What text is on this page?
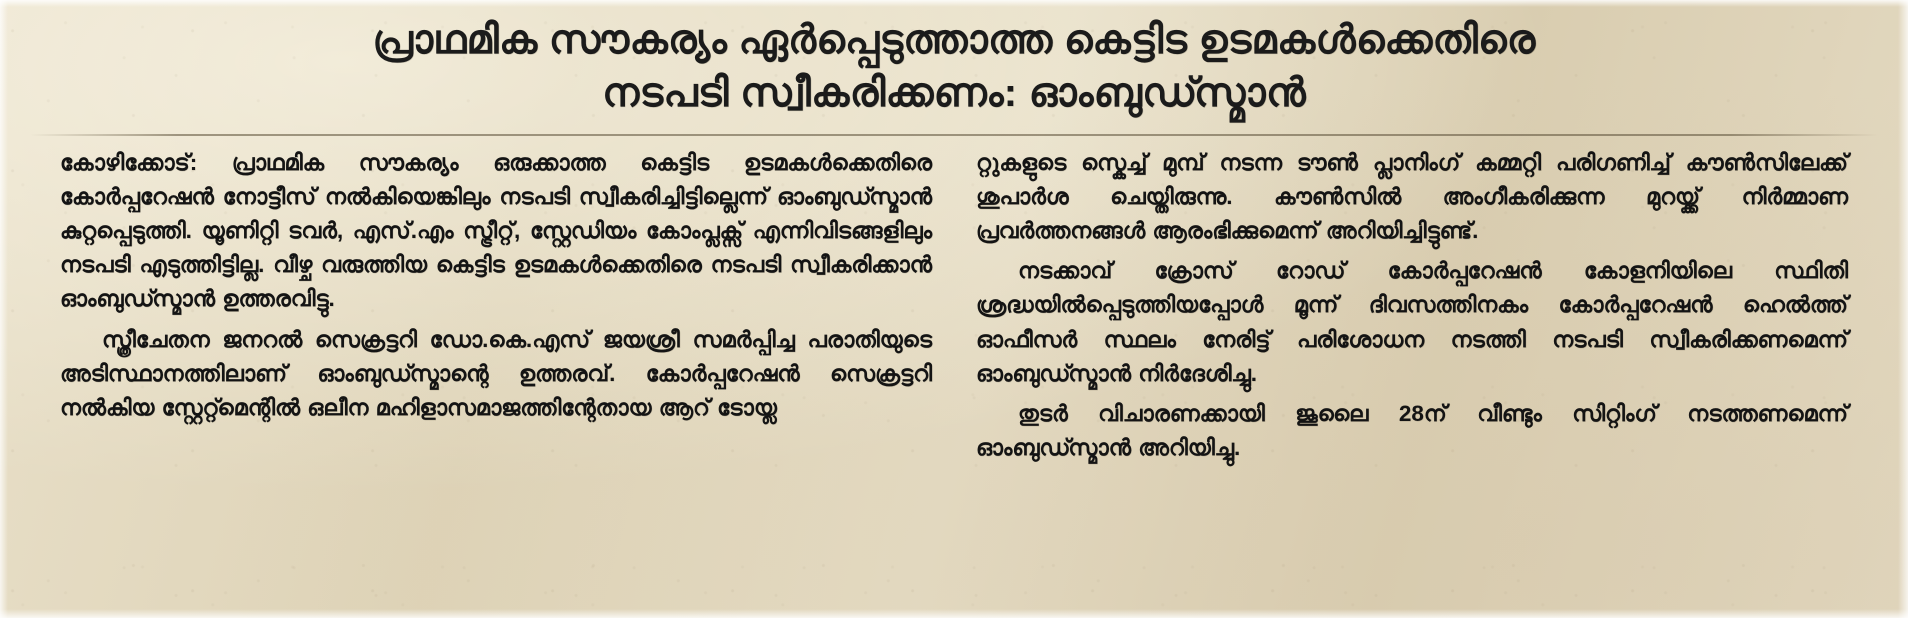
പ്രാഥമിക സൗകര്യം ഏർപ്പെടുത്താത്ത കെട്ടിട ഉടമകൾക്കെതിരെ
നടപടി സ്വീകരിക്കണം: ഓംബുഡ്സ്മാൻ

കോഴിക്കോട്: പ്രാഥമിക സൗകര്യം ഒരുക്കാത്ത കെട്ടിട ഉടമകൾക്കെതിരെ കോർപ്പറേഷൻ നോട്ടീസ് നൽകിയെങ്കിലും നടപടി സ്വീകരിച്ചിട്ടില്ലെന്ന് ഓംബുഡ്സ്മാൻ കുറ്റപ്പെടുത്തി. യൂണിറ്റി ടവർ, എസ്.എം സ്ട്രീറ്റ്, സ്റ്റേഡിയം കോംപ്ലക്സ് എന്നിവിടങ്ങളിലും നടപടി എടുത്തിട്ടില്ല. വീഴ്ച വരുത്തിയ കെട്ടിട ഉടമകൾക്കെതിരെ നടപടി സ്വീകരിക്കാൻ ഓംബുഡ്സ്മാൻ ഉത്തരവിട്ടു.

സ്ത്രീചേതന ജനറൽ സെക്രട്ടറി ഡോ.കെ.എസ് ജയശ്രീ സമർപ്പിച്ച പരാതിയുടെ അടിസ്ഥാനത്തിലാണ് ഓംബുഡ്സ്മാന്റെ ഉത്തരവ്. കോർപ്പറേഷൻ സെക്രട്ടറി നൽകിയ സ്റ്റേറ്റ്മെന്റിൽ ഒലീന മഹിളാസമാജത്തിന്റേതായ ആറ് ടോയ്ല

റ്റുകളുടെ സ്കെച്ച് മുമ്പ് നടന്ന ടൗൺ പ്ലാനിംഗ് കമ്മറ്റി പരിഗണിച്ച് കൗൺസിലേക്ക് ശുപാർശ ചെയ്തിരുന്നു. കൗൺസിൽ അംഗീകരിക്കുന്ന മുറയ്ക്ക് നിർമ്മാണ പ്രവർത്തനങ്ങൾ ആരംഭിക്കുമെന്ന് അറിയിച്ചിട്ടുണ്ട്.

നടക്കാവ് ക്രോസ് റോഡ് കോർപ്പറേഷൻ കോളനിയിലെ സ്ഥിതി ശ്രദ്ധയിൽപ്പെടുത്തിയപ്പോൾ മൂന്ന് ദിവസത്തിനകം കോർപ്പറേഷൻ ഹെൽത്ത് ഓഫീസർ സ്ഥലം നേരിട്ട് പരിശോധന നടത്തി നടപടി സ്വീകരിക്കണമെന്ന് ഓംബുഡ്സ്മാൻ നിർദേശിച്ചു.

തുടർ വിചാരണക്കായി ജൂലൈ 28ന് വീണ്ടും സിറ്റിംഗ് നടത്തണമെന്ന് ഓംബുഡ്സ്മാൻ അറിയിച്ചു.
